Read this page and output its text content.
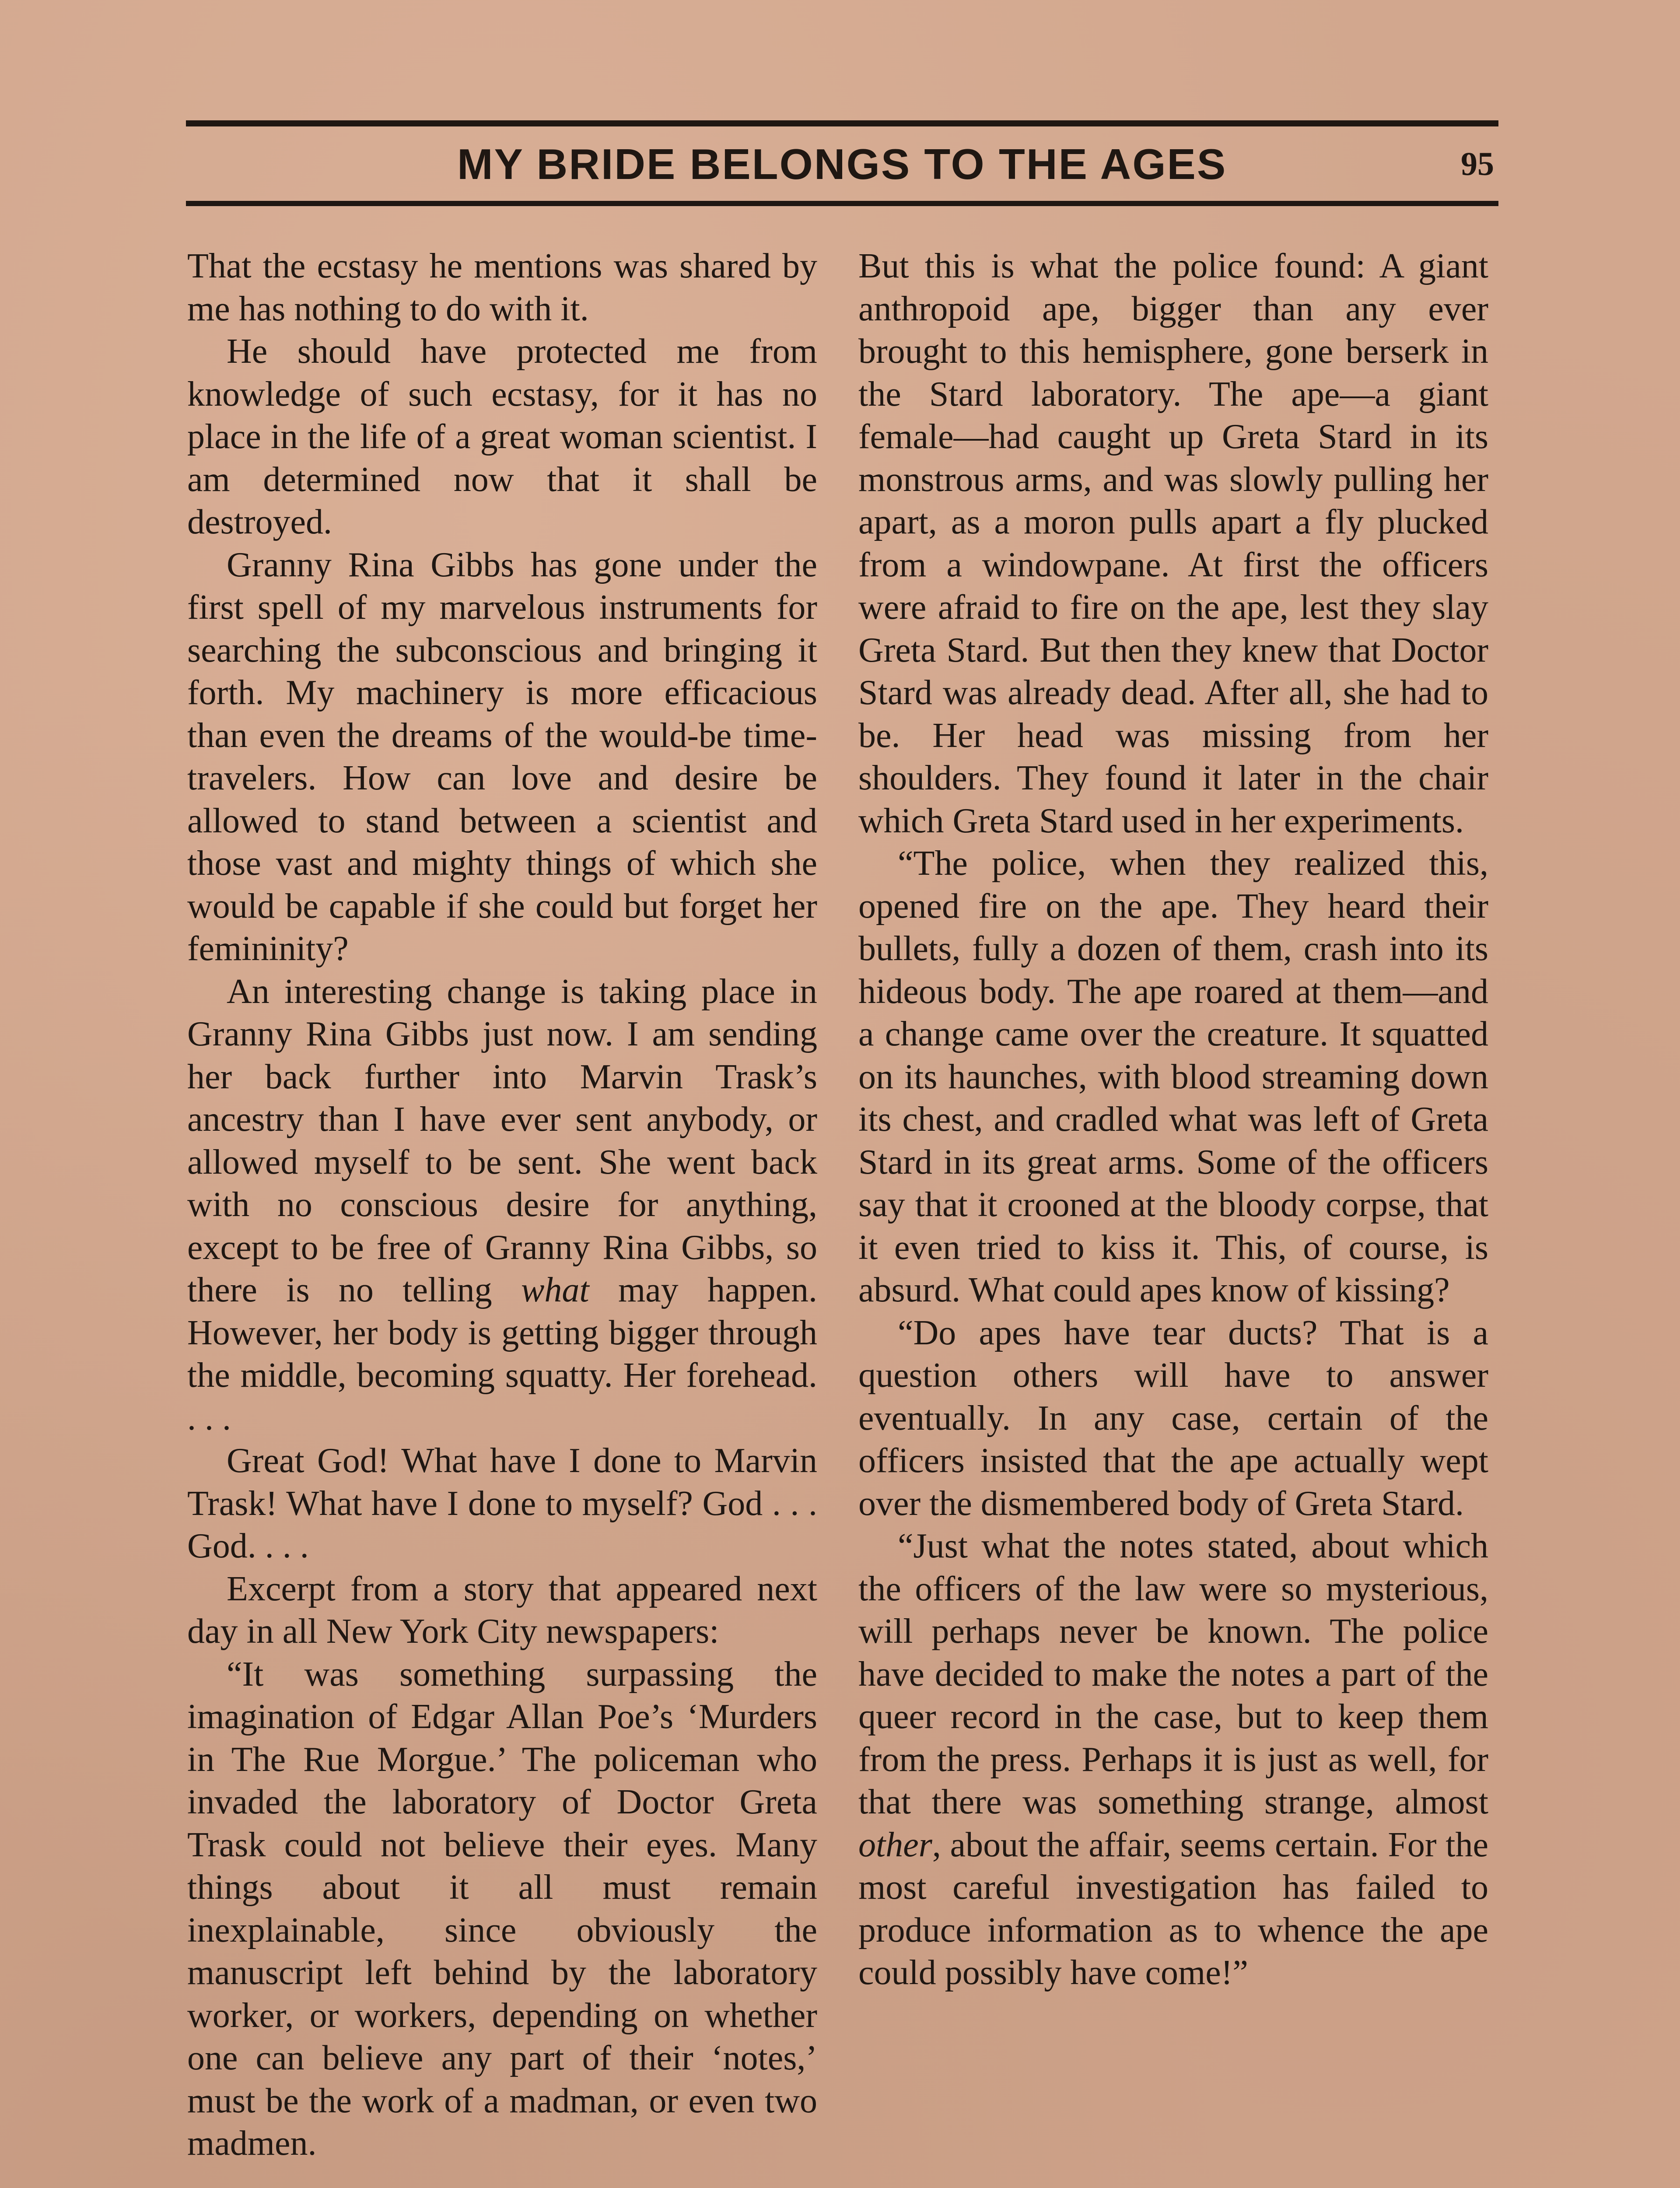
MY BRIDE BELONGS TO THE AGES	95

That the ecstasy he mentions was shared by me has nothing to do with it.

He should have protected me from knowledge of such ecstasy, for it has no place in the life of a great woman scientist. I am determined now that it shall be destroyed.

Granny Rina Gibbs has gone under the first spell of my marvelous instruments for searching the subconscious and bringing it forth. My machinery is more efficacious than even the dreams of the would-be time-travelers. How can love and desire be allowed to stand between a scientist and those vast and mighty things of which she would be capable if she could but forget her femininity?

An interesting change is taking place in Granny Rina Gibbs just now. I am sending her back further into Marvin Trask’s ancestry than I have ever sent anybody, or allowed myself to be sent. She went back with no conscious desire for anything, except to be free of Granny Rina Gibbs, so there is no telling what may happen. However, her body is getting bigger through the middle, becoming squatty. Her forehead. . . .

Great God! What have I done to Marvin Trask! What have I done to myself? God . . . God. . . .

Excerpt from a story that appeared next day in all New York City newspapers:

“It was something surpassing the imagination of Edgar Allan Poe’s ‘Murders in The Rue Morgue.’ The policeman who invaded the laboratory of Doctor Greta Trask could not believe their eyes. Many things about it all must remain inexplainable, since obviously the manuscript left behind by the laboratory worker, or workers, depending on whether one can believe any part of their ‘notes,’ must be the work of a madman, or even two madmen.

But this is what the police found: A giant anthropoid ape, bigger than any ever brought to this hemisphere, gone berserk in the Stard laboratory. The ape—a giant female—had caught up Greta Stard in its monstrous arms, and was slowly pulling her apart, as a moron pulls apart a fly plucked from a windowpane. At first the officers were afraid to fire on the ape, lest they slay Greta Stard. But then they knew that Doctor Stard was already dead. After all, she had to be. Her head was missing from her shoulders. They found it later in the chair which Greta Stard used in her experiments.

“The police, when they realized this, opened fire on the ape. They heard their bullets, fully a dozen of them, crash into its hideous body. The ape roared at them—and a change came over the creature. It squatted on its haunches, with blood streaming down its chest, and cradled what was left of Greta Stard in its great arms. Some of the officers say that it crooned at the bloody corpse, that it even tried to kiss it. This, of course, is absurd. What could apes know of kissing?

“Do apes have tear ducts? That is a question others will have to answer eventually. In any case, certain of the officers insisted that the ape actually wept over the dismembered body of Greta Stard.

“Just what the notes stated, about which the officers of the law were so mysterious, will perhaps never be known. The police have decided to make the notes a part of the queer record in the case, but to keep them from the press. Perhaps it is just as well, for that there was something strange, almost other, about the affair, seems certain. For the most careful investigation has failed to produce information as to whence the ape could possibly have come!”
